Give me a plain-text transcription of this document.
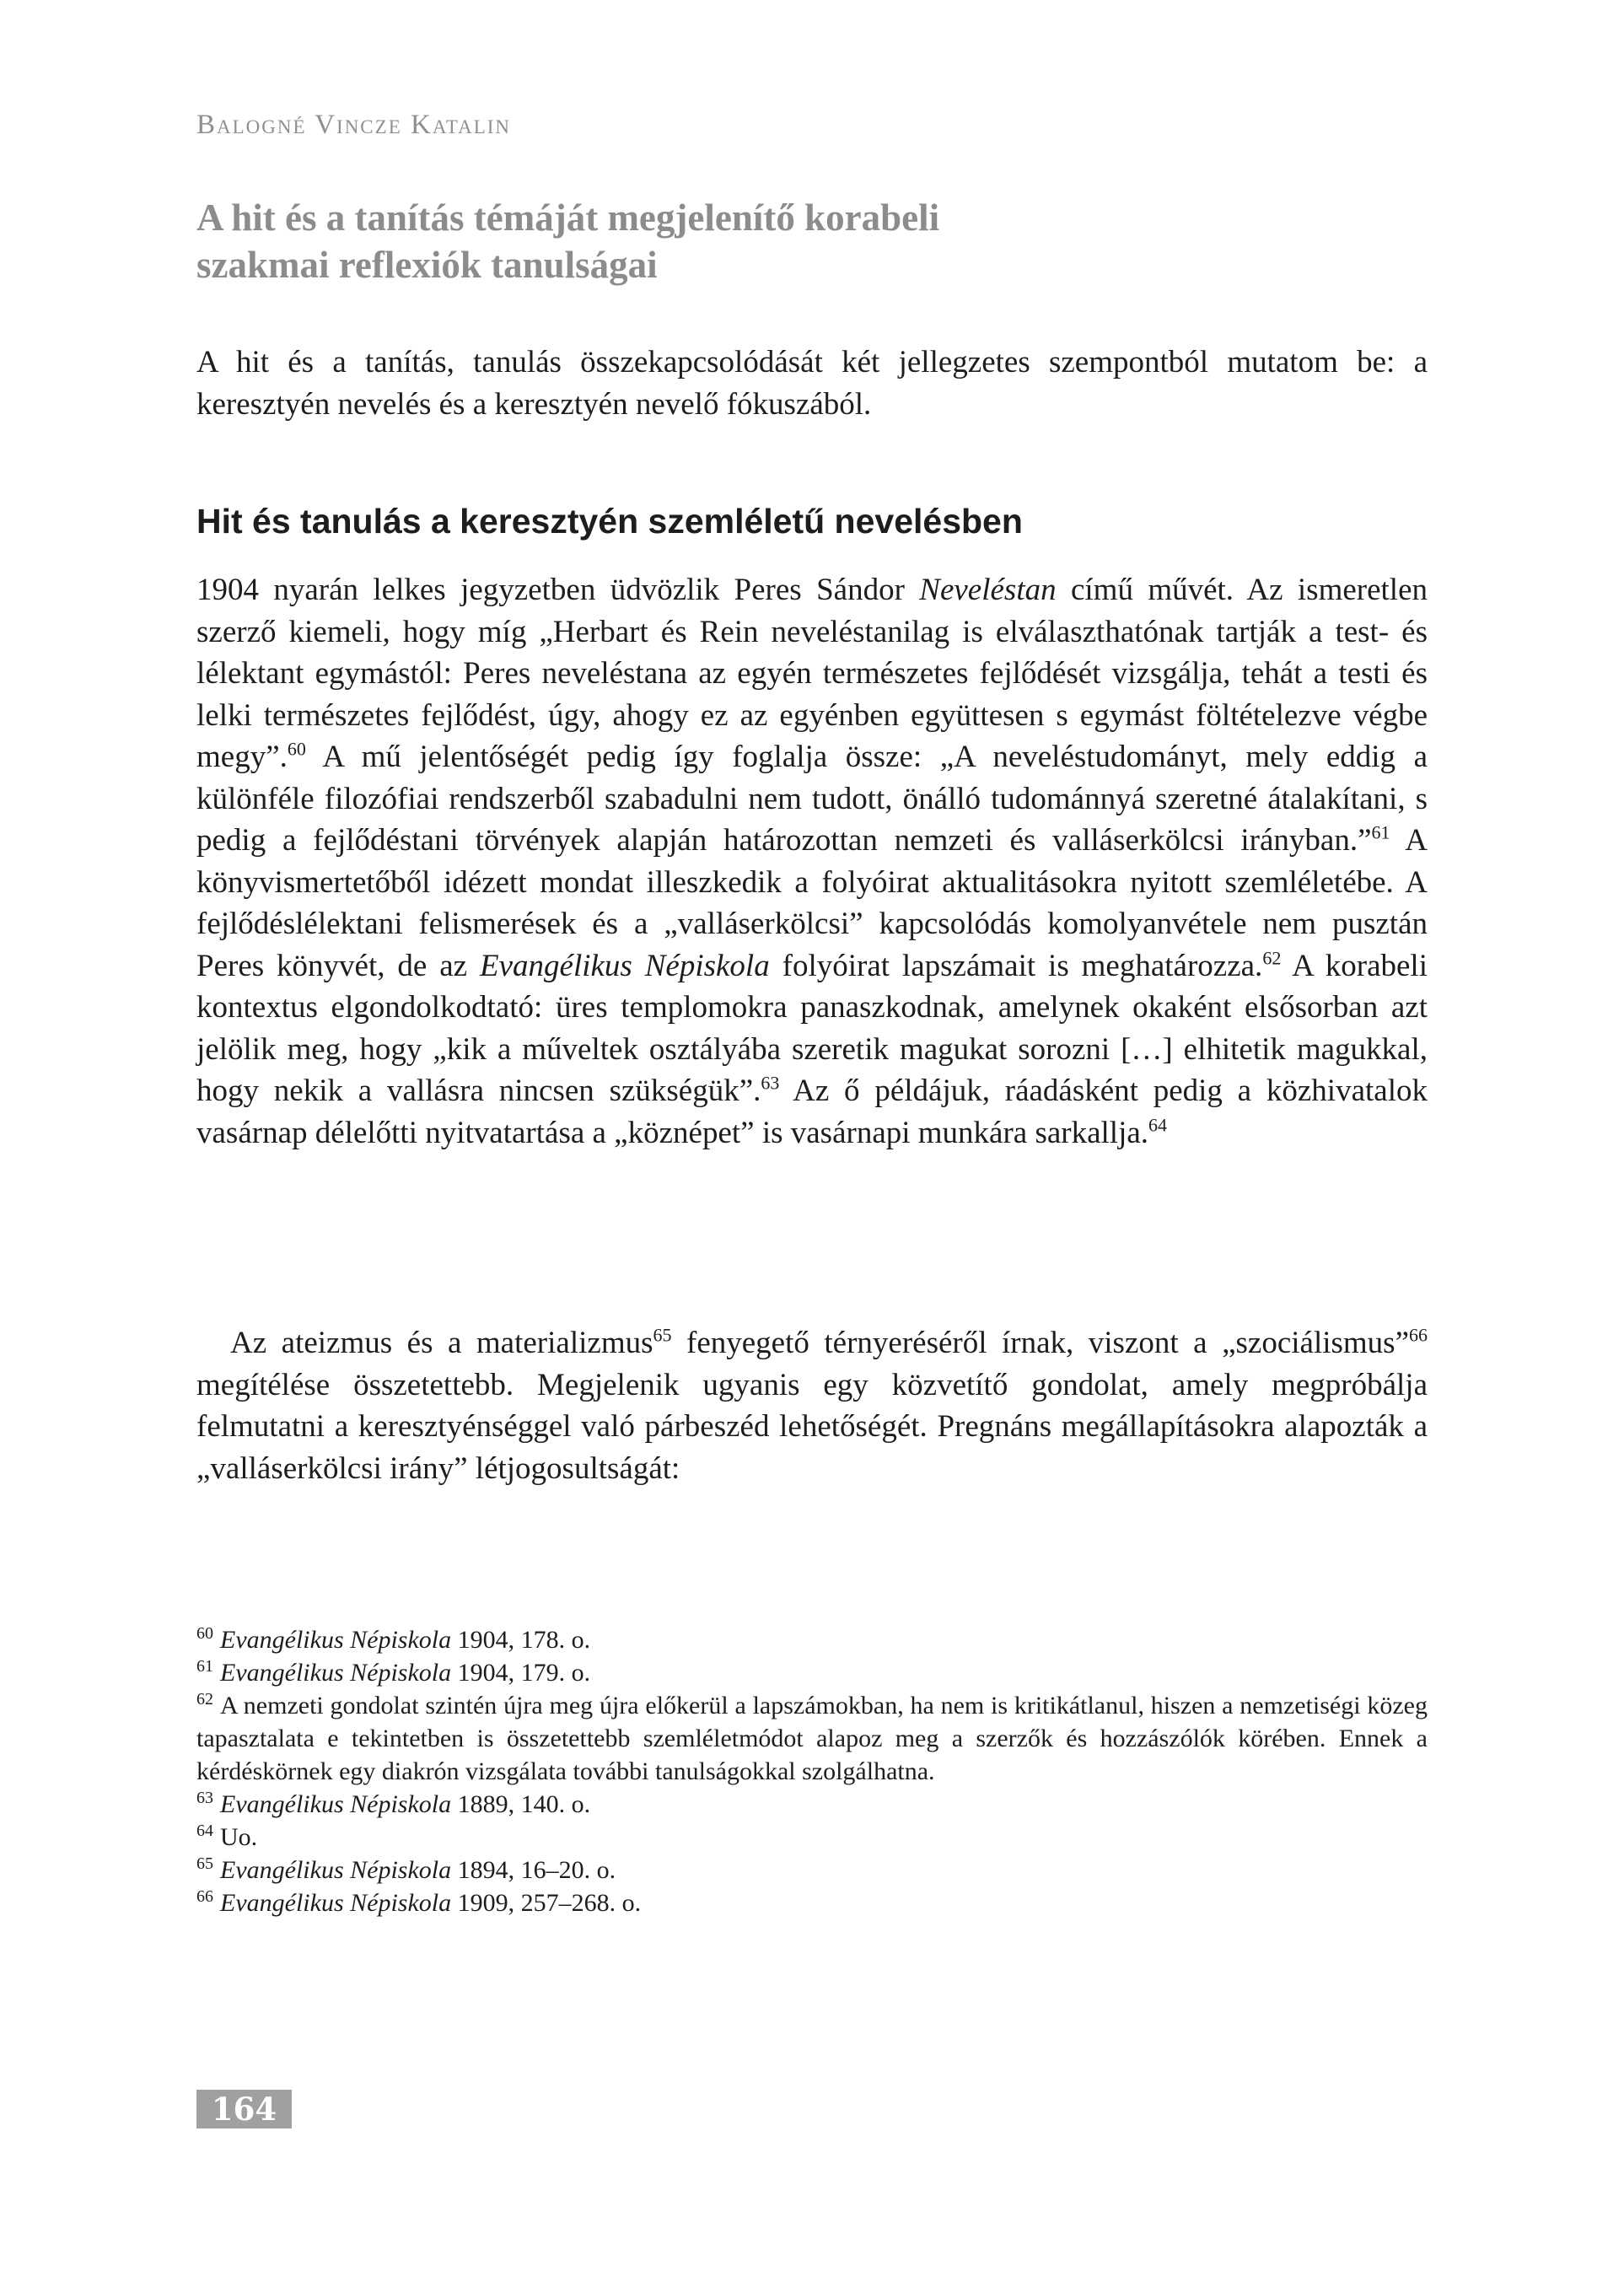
Balogné Vincze Katalin
A hit és a tanítás témáját megjelenítő korabeli
szakmai reflexiók tanulságai

A hit és a tanítás, tanulás összekapcsolódását két jellegzetes szempontból mutatom be: a keresztyén nevelés és a keresztyén nevelő fókuszából.

Hit és tanulás a keresztyén szemléletű nevelésben

1904 nyarán lelkes jegyzetben üdvözlik Peres Sándor Neveléstan című művét. Az ismeretlen szerző kiemeli, hogy míg „Herbart és Rein neveléstanilag is elválaszthatónak tartják a test- és lélektant egymástól: Peres neveléstana az egyén természetes fejlődését vizsgálja, tehát a testi és lelki természetes fejlődést, úgy, ahogy ez az egyénben együttesen s egymást föltételezve végbe megy”.$^{60}$ A mű jelentőségét pedig így foglalja össze: „A neveléstudományt, mely eddig a különféle filozófiai rendszerből szabadulni nem tudott, önálló tudománnyá szeretné átalakítani, s pedig a fejlődéstani törvények alapján határozottan nemzeti és valláserkölcsi irányban.”$^{61}$ A könyvismertetőből idézett mondat illeszkedik a folyóirat aktualitásokra nyitott szemléletébe. A fejlődéslélektani felismerések és a „valláserkölcsi” kapcsolódás komolyanvétele nem pusztán Peres könyvét, de az Evangélikus Népiskola folyóirat lapszámait is meghatározza.$^{62}$ A korabeli kontextus elgondolkodtató: üres templomokra panaszkodnak, amelynek okaként elsősorban azt jelölik meg, hogy „kik a műveltek osztályába szeretik magukat sorozni […] elhitetik magukkal, hogy nekik a vallásra nincsen szükségük”.$^{63}$ Az ő példájuk, ráadásként pedig a közhivatalok vasárnap délelőtti nyitvatartása a „köznépet” is vasárnapi munkára sarkallja.$^{64}$

Az ateizmus és a materializmus$^{65}$ fenyegető térnyeréséről írnak, viszont a „szociálismus”$^{66}$ megítélése összetettebb. Megjelenik ugyanis egy közvetítő gondolat, amely megpróbálja felmutatni a keresztyénséggel való párbeszéd lehetőségét. Pregnáns megállapításokra alapozták a „valláserkölcsi irány” létjogosultságát:

$^{60}$ Evangélikus Népiskola 1904, 178. o.
$^{61}$ Evangélikus Népiskola 1904, 179. o.
$^{62}$ A nemzeti gondolat szintén újra meg újra előkerül a lapszámokban, ha nem is kritikátlanul, hiszen a nemzetiségi közeg tapasztalata e tekintetben is összetettebb szemléletmódot alapoz meg a szerzők és hozzászólók körében. Ennek a kérdéskörnek egy diakrón vizsgálata további tanulságokkal szolgálhatna.
$^{63}$ Evangélikus Népiskola 1889, 140. o.
$^{64}$ Uo.
$^{65}$ Evangélikus Népiskola 1894, 16–20. o.
$^{66}$ Evangélikus Népiskola 1909, 257–268. o.
164
